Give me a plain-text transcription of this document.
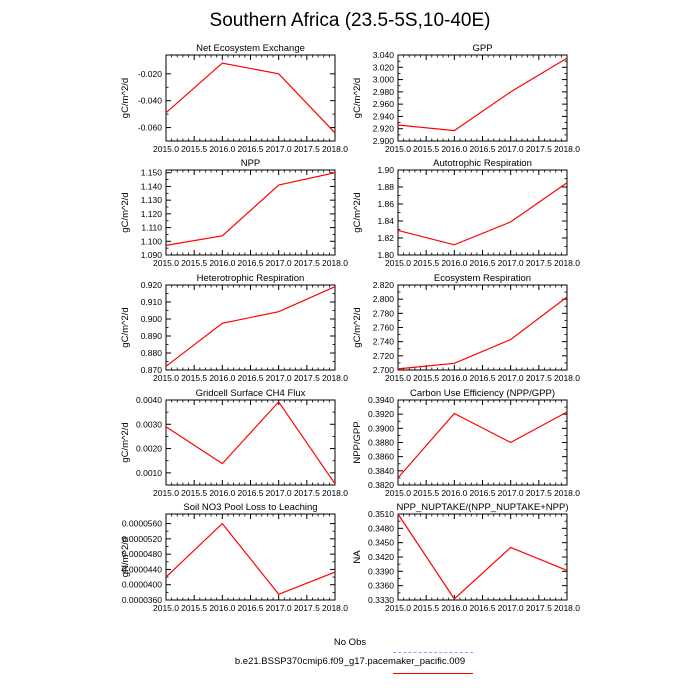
Southern Africa (23.5-5S,10-40E)
Net Ecosystem Exchange
gC/m^2/d
2015.0 2015.5 2016.0 2016.5 2017.0 2017.5 2018.0
-0.020
-0.040
-0.060
GPP
gC/m^2/d
2015.0 2015.5 2016.0 2016.5 2017.0 2017.5 2018.0
3.040
3.020
3.000
2.980
2.960
2.940
2.920
2.900
NPP
gC/m^2/d
2015.0 2015.5 2016.0 2016.5 2017.0 2017.5 2018.0
1.150
1.140
1.130
1.120
1.110
1.100
1.090
Autotrophic Respiration
gC/m^2/d
2015.0 2015.5 2016.0 2016.5 2017.0 2017.5 2018.0
1.90
1.88
1.86
1.84
1.82
1.80
Heterotrophic Respiration
gC/m^2/d
2015.0 2015.5 2016.0 2016.5 2017.0 2017.5 2018.0
0.920
0.910
0.900
0.890
0.880
0.870
Ecosystem Respiration
gC/m^2/d
2015.0 2015.5 2016.0 2016.5 2017.0 2017.5 2018.0
2.820
2.800
2.780
2.760
2.740
2.720
2.700
Gridcell Surface CH4 Flux
gC/m^2/d
2015.0 2015.5 2016.0 2016.5 2017.0 2017.5 2018.0
0.0040
0.0030
0.0020
0.0010
Carbon Use Efficiency (NPP/GPP)
NPP/GPP
2015.0 2015.5 2016.0 2016.5 2017.0 2017.5 2018.0
0.3940
0.3920
0.3900
0.3880
0.3860
0.3840
0.3820
Soil NO3 Pool Loss to Leaching
gN/m^2/d
2015.0 2015.5 2016.0 2016.5 2017.0 2017.5 2018.0
0.0000560
0.0000520
0.0000480
0.0000440
0.0000400
0.0000360
NPP_NUPTAKE/(NPP_NUPTAKE+NPP)
NA
2015.0 2015.5 2016.0 2016.5 2017.0 2017.5 2018.0
0.3510
0.3480
0.3450
0.3420
0.3390
0.3360
0.3330
No Obs
b.e21.BSSP370cmip6.f09_g17.pacemaker_pacific.009
